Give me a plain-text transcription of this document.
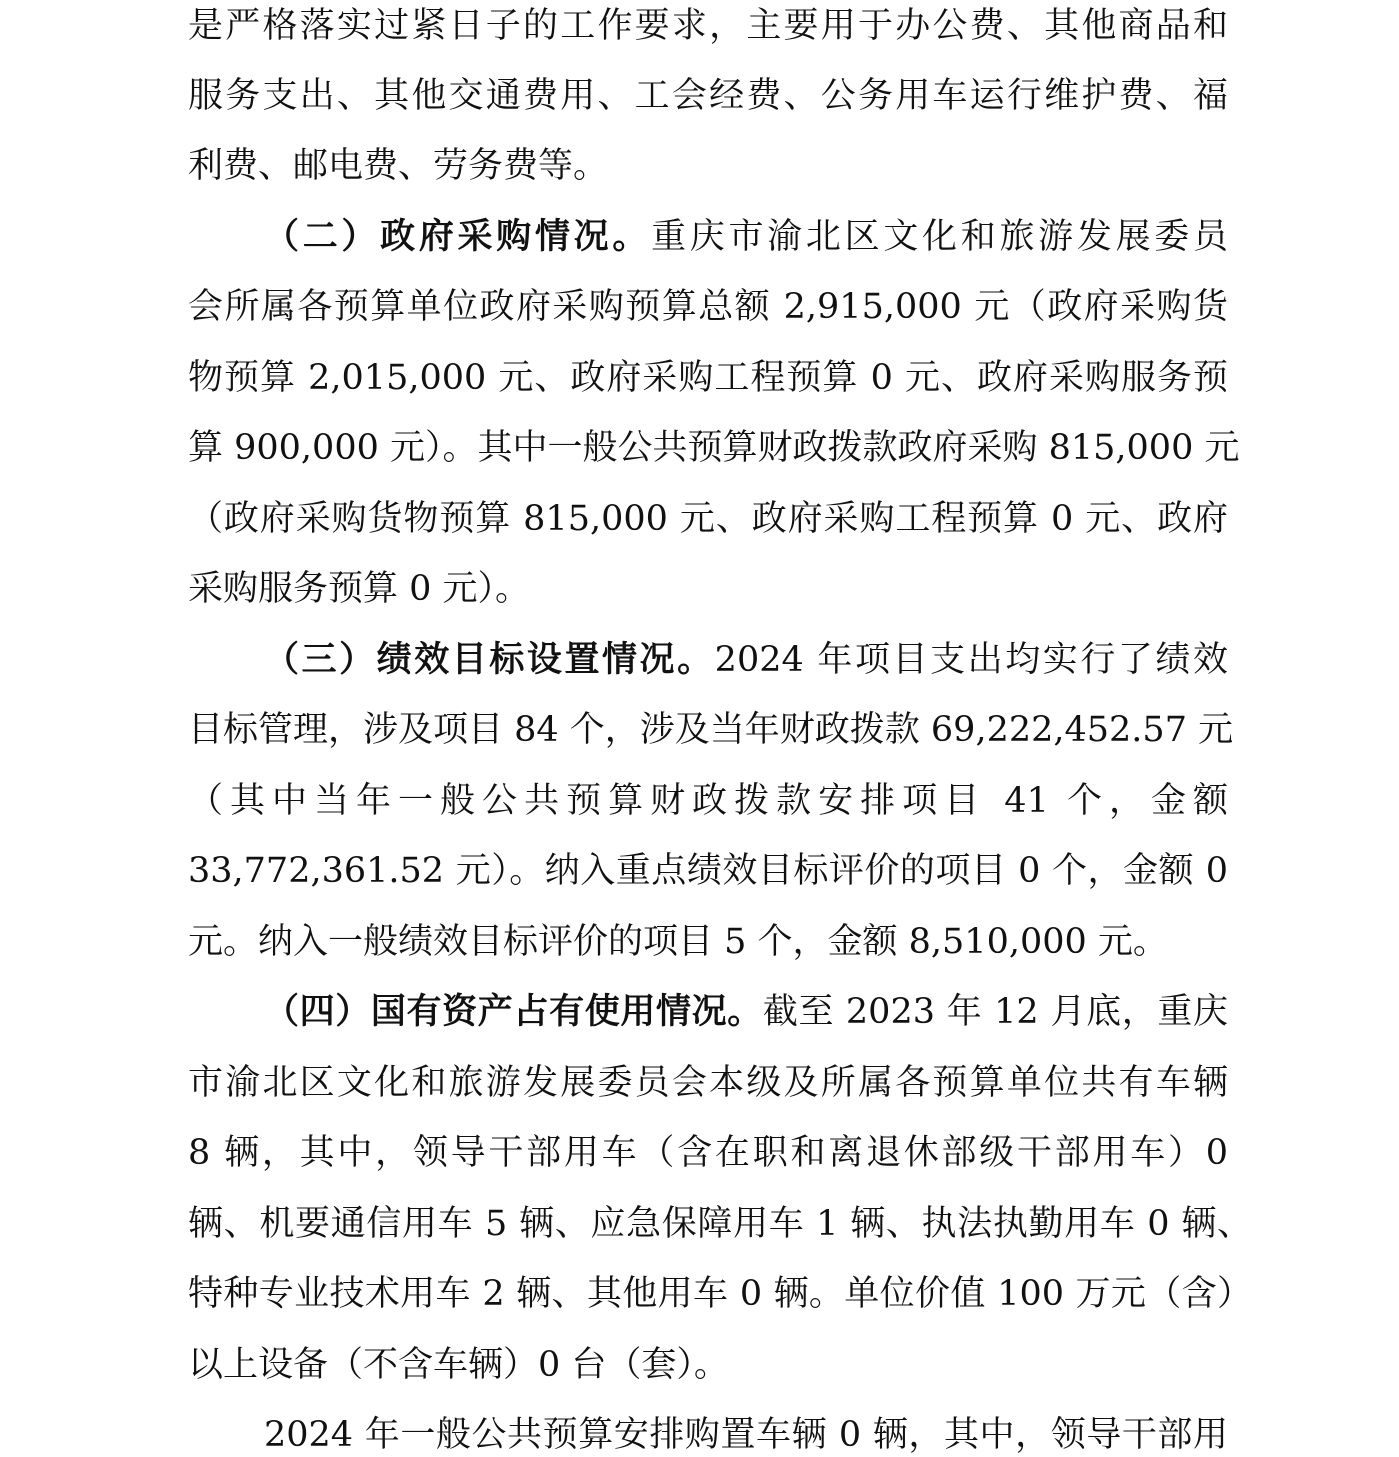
是严格落实过紧日子的工作要求，主要用于办公费、其他商品和
服务支出、其他交通费用、工会经费、公务用车运行维护费、福
利费、邮电费、劳务费等。
（二）政府采购情况。重庆市渝北区文化和旅游发展委员
会所属各预算单位政府采购预算总额 2,915,000 元（政府采购货
物预算 2,015,000 元、政府采购工程预算 0 元、政府采购服务预
算 900,000 元）。其中一般公共预算财政拨款政府采购 815,000 元
（政府采购货物预算 815,000 元、政府采购工程预算 0 元、政府
采购服务预算 0 元）。
（三）绩效目标设置情况。2024 年项目支出均实行了绩效
目标管理，涉及项目 84 个，涉及当年财政拨款 69,222,452.57 元
（其中当年一般公共预算财政拨款安排项目 41 个，金额
33,772,361.52 元）。纳入重点绩效目标评价的项目 0 个，金额 0
元。纳入一般绩效目标评价的项目 5 个，金额 8,510,000 元。
（四）国有资产占有使用情况。截至 2023 年 12 月底，重庆
市渝北区文化和旅游发展委员会本级及所属各预算单位共有车辆
8 辆，其中，领导干部用车（含在职和离退休部级干部用车）0
辆、机要通信用车 5 辆、应急保障用车 1 辆、执法执勤用车 0 辆、
特种专业技术用车 2 辆、其他用车 0 辆。单位价值 100 万元（含）
以上设备（不含车辆）0 台（套）。
2024 年一般公共预算安排购置车辆 0 辆，其中，领导干部用
